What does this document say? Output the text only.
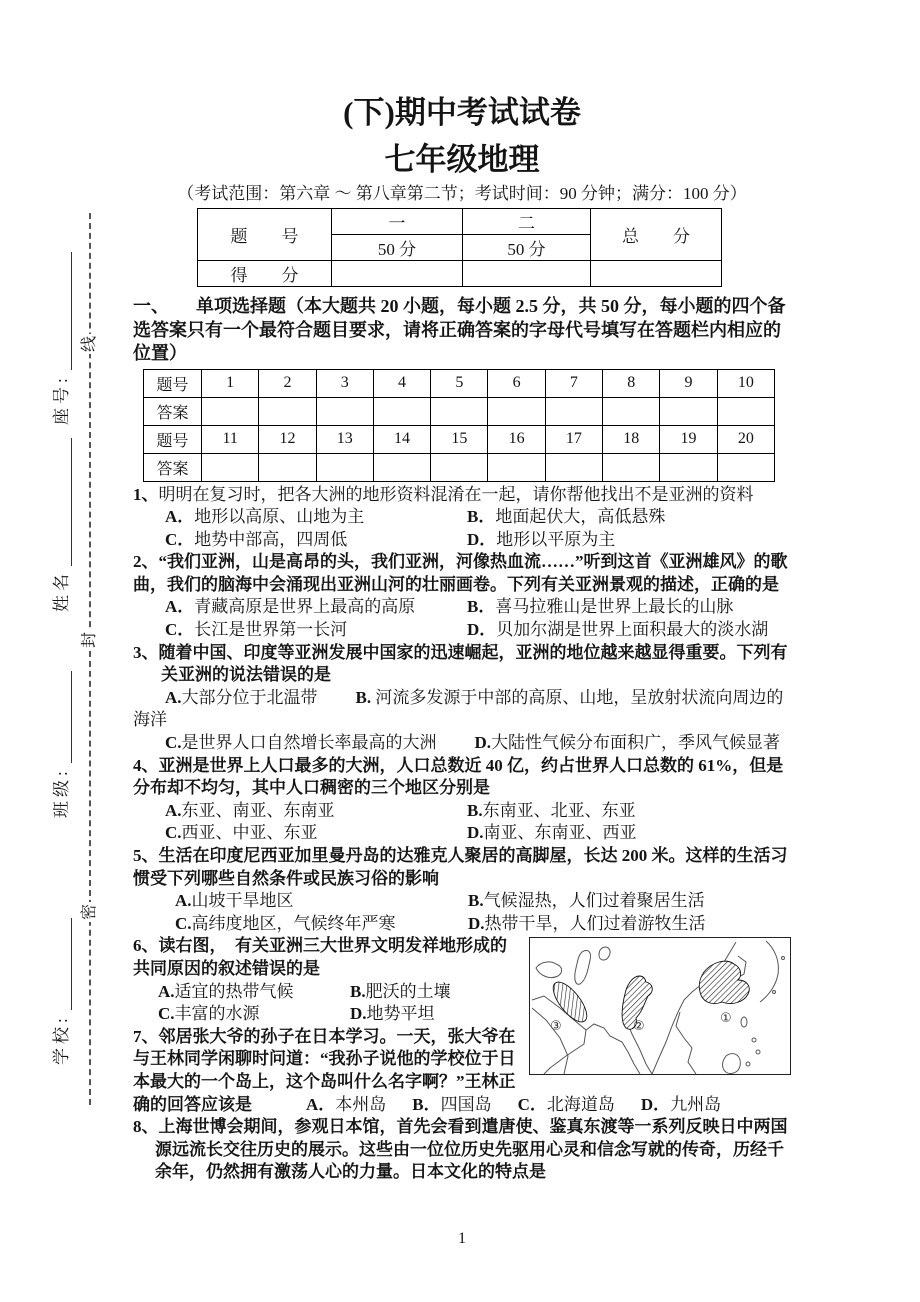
线
封
密
座号:
姓名
班级:
学校:
(下)期中考试试卷
七年级地理

（考试范围：第六章 ～ 第八章第二节；考试时间：90 分钟；满分：100 分）

题　　号	一	二	总　　分
	50 分	50 分	
得　　分			

一、　　单项选择题（本大题共 20 小题，每小题 2.5 分，共 50 分，每小题的四个备选答案只有一个最符合题目要求，请将正确答案的字母代号填写在答题栏内相应的位置）

题号	1	2	3	4	5	6	7	8	9	10
答案										
题号	11	12	13	14	15	16	17	18	19	20
答案										

1、明明在复习时，把各大洲的地形资料混淆在一起，请你帮他找出不是亚洲的资料

A．地形以高原、山地为主	B．地面起伏大，高低悬殊
C．地势中部高，四周低	D．地形以平原为主

2、“我们亚洲，山是高昂的头，我们亚洲，河像热血流……”听到这首《亚洲雄风》的歌曲，我们的脑海中会涌现出亚洲山河的壮丽画卷。下列有关亚洲景观的描述，正确的是

A．青藏高原是世界上最高的高原	B．喜马拉雅山是世界上最长的山脉
C．长江是世界第一长河	D．贝加尔湖是世界上面积最大的淡水湖

3、随着中国、印度等亚洲发展中国家的迅速崛起，亚洲的地位越来越显得重要。下列有关亚洲的说法错误的是

A.大部分位于北温带 B. 河流多发源于中部的高原、山地，呈放射状流向周边的海洋

C.是世界人口自然增长率最高的大洲 D.大陆性气候分布面积广，季风气候显著

4、亚洲是世界上人口最多的大洲，人口总数近 40 亿，约占世界人口总数的 61%，但是分布却不均匀，其中人口稠密的三个地区分别是

A.东亚、南亚、东南亚	B.东南亚、北亚、东亚
C.西亚、中亚、东亚	D.南亚、东南亚、西亚

5、生活在印度尼西亚加里曼丹岛的达雅克人聚居的高脚屋，长达 200 米。这样的生活习惯受下列哪些自然条件或民族习俗的影响

A.山坡干旱地区	B.气候湿热，人们过着聚居生活
C.高纬度地区，气候终年严寒	D.热带干旱，人们过着游牧生活
①
②
③

6、读右图，　有关亚洲三大世界文明发祥地形成的共同原因的叙述错误的是

A.适宜的热带气候	B.肥沃的土壤
C.丰富的水源	D.地势平坦

7、邻居张大爷的孙子在日本学习。一天，张大爷在与王林同学闲聊时问道：“我孙子说他的学校位于日本最大的一个岛上，这个岛叫什么名字啊？”王林正确的回答应该是	A．本州岛 B．四国岛 C．北海道岛 D．九州岛

8、上海世博会期间，参观日本馆，首先会看到遣唐使、鉴真东渡等一系列反映日中两国源远流长交往历史的展示。这些由一位位历史先驱用心灵和信念写就的传奇，历经千余年，仍然拥有激荡人心的力量。日本文化的特点是

1
